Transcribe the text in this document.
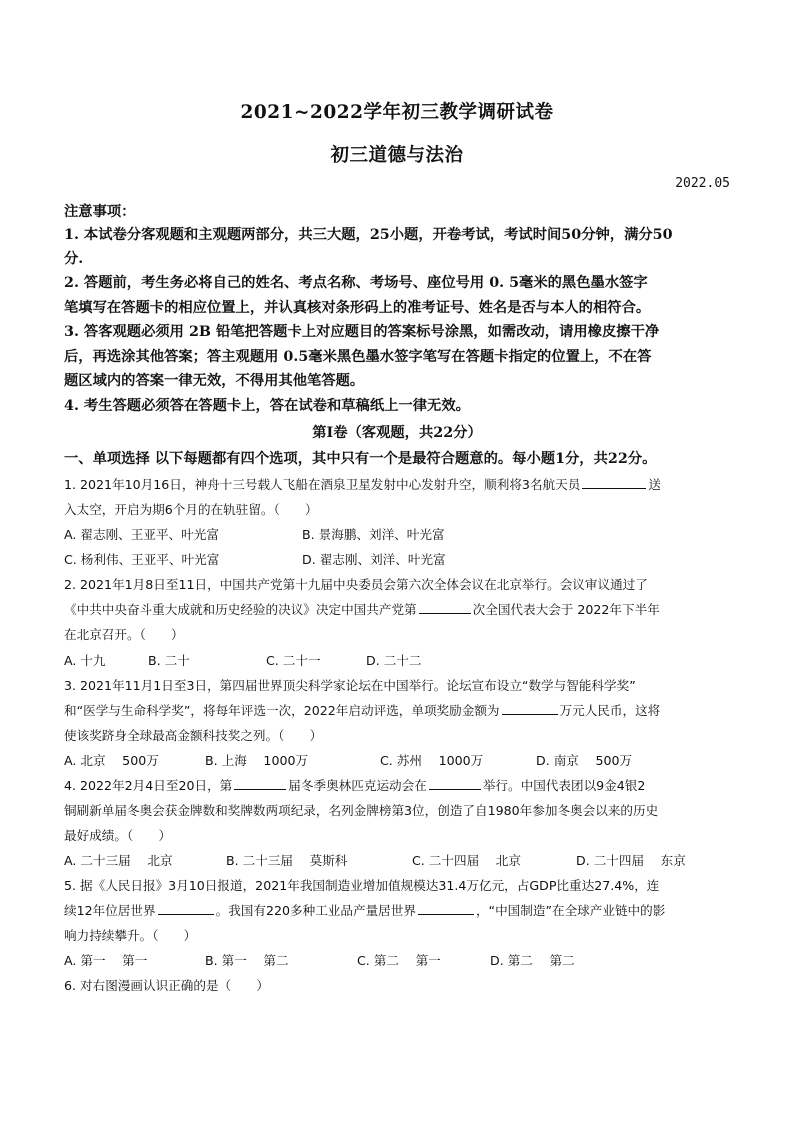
2021~2022学年初三教学调研试卷
初三道德与法治
2022.05
注意事项：
1. 本试卷分客观题和主观题两部分，共三大题，25小题，开卷考试，考试时间50分钟，满分50
分.
2. 答题前，考生务必将自己的姓名、考点名称、考场号、座位号用 0. 5毫米的黑色墨水签字
笔填写在答题卡的相应位置上，并认真核对条形码上的准考证号、姓名是否与本人的相符合。
3. 答客观题必须用 2B 铅笔把答题卡上对应题目的答案标号涂黑，如需改动，请用橡皮擦干净
后，再选涂其他答案；答主观题用 0.5毫米黑色墨水签字笔写在答题卡指定的位置上，不在答
题区域内的答案一律无效，不得用其他笔答题。
4. 考生答题必须答在答题卡上，答在试卷和草稿纸上一律无效。
第Ⅰ卷（客观题，共22分）
一、单项选择 以下每题都有四个选项，其中只有一个是最符合题意的。每小题1分，共22分。
1. 2021年10月16日，神舟十三号载人飞船在酒泉卫星发射中心发射升空，顺利将3名航天员	送
入太空，开启为期6个月的在轨驻留。（　　）
A. 翟志刚、王亚平、叶光富	B. 景海鹏、刘洋、叶光富
C. 杨利伟、王亚平、叶光富	D. 翟志刚、刘洋、叶光富
2. 2021年1月8日至11日，中国共产党第十九届中央委员会第六次全体会议在北京举行。会议审议通过了
《中共中央奋斗重大成就和历史经验的决议》决定中国共产党第	次全国代表大会于 2022年下半年
在北京召开。（　　）
A. 十九	B. 二十	C. 二十一	D. 二十二
3. 2021年11月1日至3日，第四届世界顶尖科学家论坛在中国举行。论坛宣布设立“数学与智能科学奖”
和“医学与生命科学奖”，将每年评选一次，2022年启动评选，单项奖励金额为	万元人民币，这将
使该奖跻身全球最高金额科技奖之列。（　　）
A. 北京　 500万	B. 上海　 1000万	C. 苏州　 1000万	D. 南京　 500万
4. 2022年2月4日至20日，第	届冬季奥林匹克运动会在	举行。中国代表团以9金4银2
铜刷新单届冬奥会获金牌数和奖牌数两项纪录，名列金牌榜第3位，创造了自1980年参加冬奥会以来的历史
最好成绩。（　　）
A. 二十三届　 北京	B. 二十三届　 莫斯科	C. 二十四届　 北京	D. 二十四届　 东京
5. 据《人民日报》3月10日报道，2021年我国制造业增加值规模达31.4万亿元，占GDP比重达27.4%，连
续12年位居世界	。我国有220多种工业品产量居世界	，“中国制造”在全球产业链中的影
响力持续攀升。（　　）
A. 第一　 第一	B. 第一　 第二	C. 第二　 第一	D. 第二　 第二
6. 对右图漫画认识正确的是（　　）
